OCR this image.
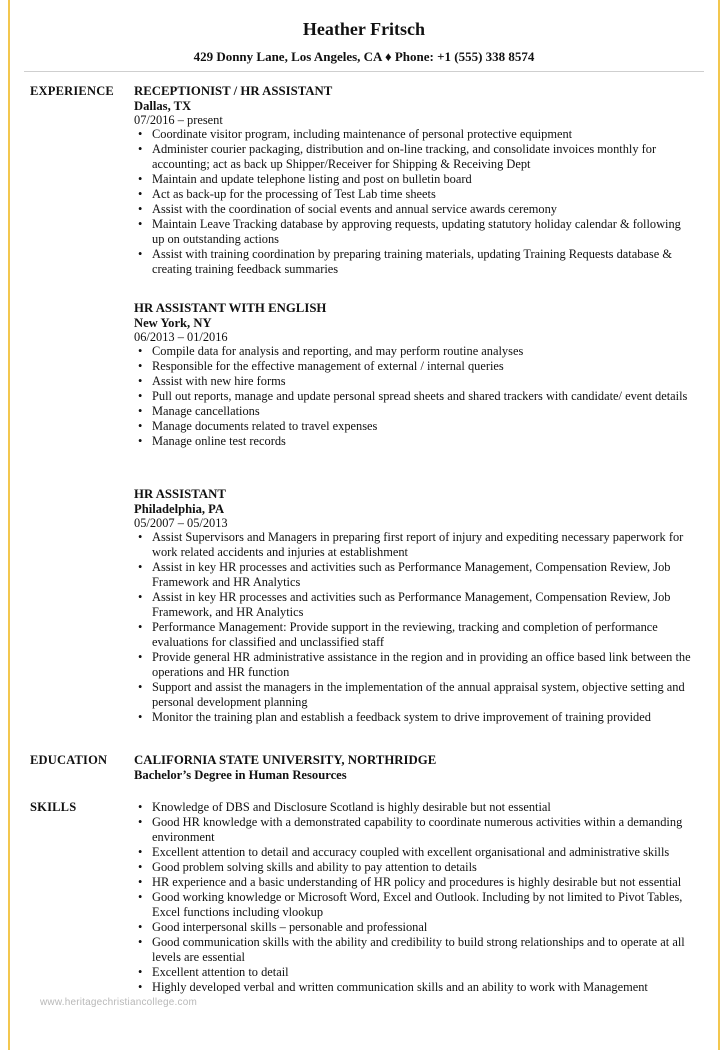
Heather Fritsch
429 Donny Lane, Los Angeles, CA ♦ Phone: +1 (555) 338 8574
EXPERIENCE	RECEPTIONIST / HR ASSISTANT
Dallas, TX
07/2016 – present
• Coordinate visitor program, including maintenance of personal protective equipment
• Administer courier packaging, distribution and on-line tracking, and consolidate invoices monthly for accounting; act as back up Shipper/Receiver for Shipping & Receiving Dept
• Maintain and update telephone listing and post on bulletin board
• Act as back-up for the processing of Test Lab time sheets
• Assist with the coordination of social events and annual service awards ceremony
• Maintain Leave Tracking database by approving requests, updating statutory holiday calendar & following up on outstanding actions
• Assist with training coordination by preparing training materials, updating Training Requests database & creating training feedback summaries
HR ASSISTANT WITH ENGLISH
New York, NY
06/2013 – 01/2016
• Compile data for analysis and reporting, and may perform routine analyses
• Responsible for the effective management of external / internal queries
• Assist with new hire forms
• Pull out reports, manage and update personal spread sheets and shared trackers with candidate/ event details
• Manage cancellations
• Manage documents related to travel expenses
• Manage online test records
HR ASSISTANT
Philadelphia, PA
05/2007 – 05/2013
• Assist Supervisors and Managers in preparing first report of injury and expediting necessary paperwork for work related accidents and injuries at establishment
• Assist in key HR processes and activities such as Performance Management, Compensation Review, Job Framework and HR Analytics
• Assist in key HR processes and activities such as Performance Management, Compensation Review, Job Framework, and HR Analytics
• Performance Management: Provide support in the reviewing, tracking and completion of performance evaluations for classified and unclassified staff
• Provide general HR administrative assistance in the region and in providing an office based link between the operations and HR function
• Support and assist the managers in the implementation of the annual appraisal system, objective setting and personal development planning
• Monitor the training plan and establish a feedback system to drive improvement of training provided
EDUCATION	CALIFORNIA STATE UNIVERSITY, NORTHRIDGE
Bachelor’s Degree in Human Resources
SKILLS
•	Knowledge of DBS and Disclosure Scotland is highly desirable but not essential
• Good HR knowledge with a demonstrated capability to coordinate numerous activities within a demanding environment
• Excellent attention to detail and accuracy coupled with excellent organisational and administrative skills
• Good problem solving skills and ability to pay attention to details
• HR experience and a basic understanding of HR policy and procedures is highly desirable but not essential
• Good working knowledge or Microsoft Word, Excel and Outlook. Including by not limited to Pivot Tables, Excel functions including vlookup
• Good interpersonal skills – personable and professional
• Good communication skills with the ability and credibility to build strong relationships and to operate at all levels are essential
• Excellent attention to detail
• Highly developed verbal and written communication skills and an ability to work with Management
www.heritagechristiancollege.com
